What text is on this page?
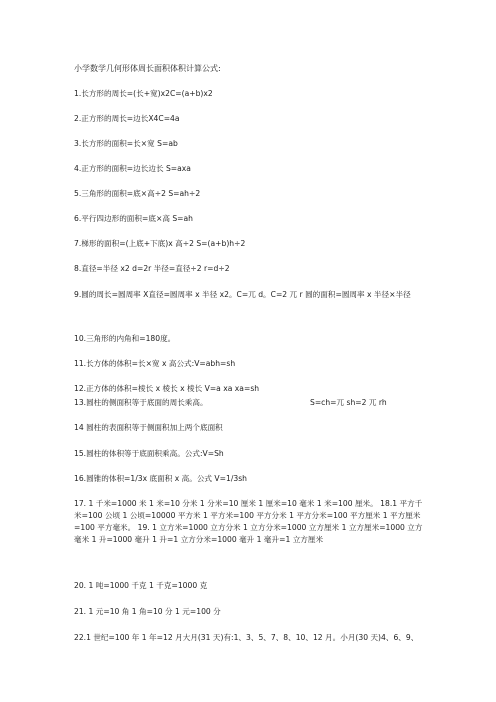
小学数学几何形体周长面积体积计算公式:
1.长方形的周长=(长+宽)x2C=(a+b)x2
2.正方形的周长=边长X4C=4a
3.长方形的面积=长×宽 S=ab
4.正方形的面积=边长边长 S=axa
5.三角形的面积=底×高÷2 S=ah÷2
6.平行四边形的面积=底×高 S=ah
7.梯形的面积=(上底+下底)x 高÷2 S=(a+b)h÷2
8.直径=半径 x2 d=2r 半径=直径÷2 r=d÷2
9.圆的周长=圆周率 X直径=圆周率 x 半径 x2。C=兀 d。C=2 兀 r 圆的面积=圆周率 x 半径×半径
10.三角形的内角和=180度。
11.长方体的体积=长×宽 x 高公式:V=abh=sh
12.正方体的体积=棱长 x 棱长 x 棱长 V=a xa xa=sh
13.圆柱的侧面积等于底面的周长乘高。	S=ch=兀 sh=2 兀 rh
14 圆柱的表面积等于侧面积加上两个底面积
15.圆柱的体积等于底面积乘高。公式:V=Sh
16.圆锥的体积=1/3x 底面积 x 高。公式 V=1/3sh
17. 1 千米=1000 米 1 米=10 分米 1 分米=10 厘米 1 厘米=10 毫米 1 米=100 厘米。 18.1 平方千米=100 公顷 1 公顷=10000 平方米 1 平方米=100 平方分米 1 平方分米=100 平方厘米 1 平方厘米=100 平方毫米。 19. 1 立方米=1000 立方分米 1 立方分米=1000 立方厘米 1 立方厘米=1000 立方毫米 1 升=1000 毫升 1 升=1 立方分米=1000 毫升 1 毫升=1 立方厘米
20. 1 吨=1000 千克 1 千克=1000 克
21. 1 元=10 角 1 角=10 分 1 元=100 分
22.1 世纪=100 年 1 年=12 月大月(31 天)有:1、3、5、7、8、10、12 月。小月(30 天)4、6、9、
